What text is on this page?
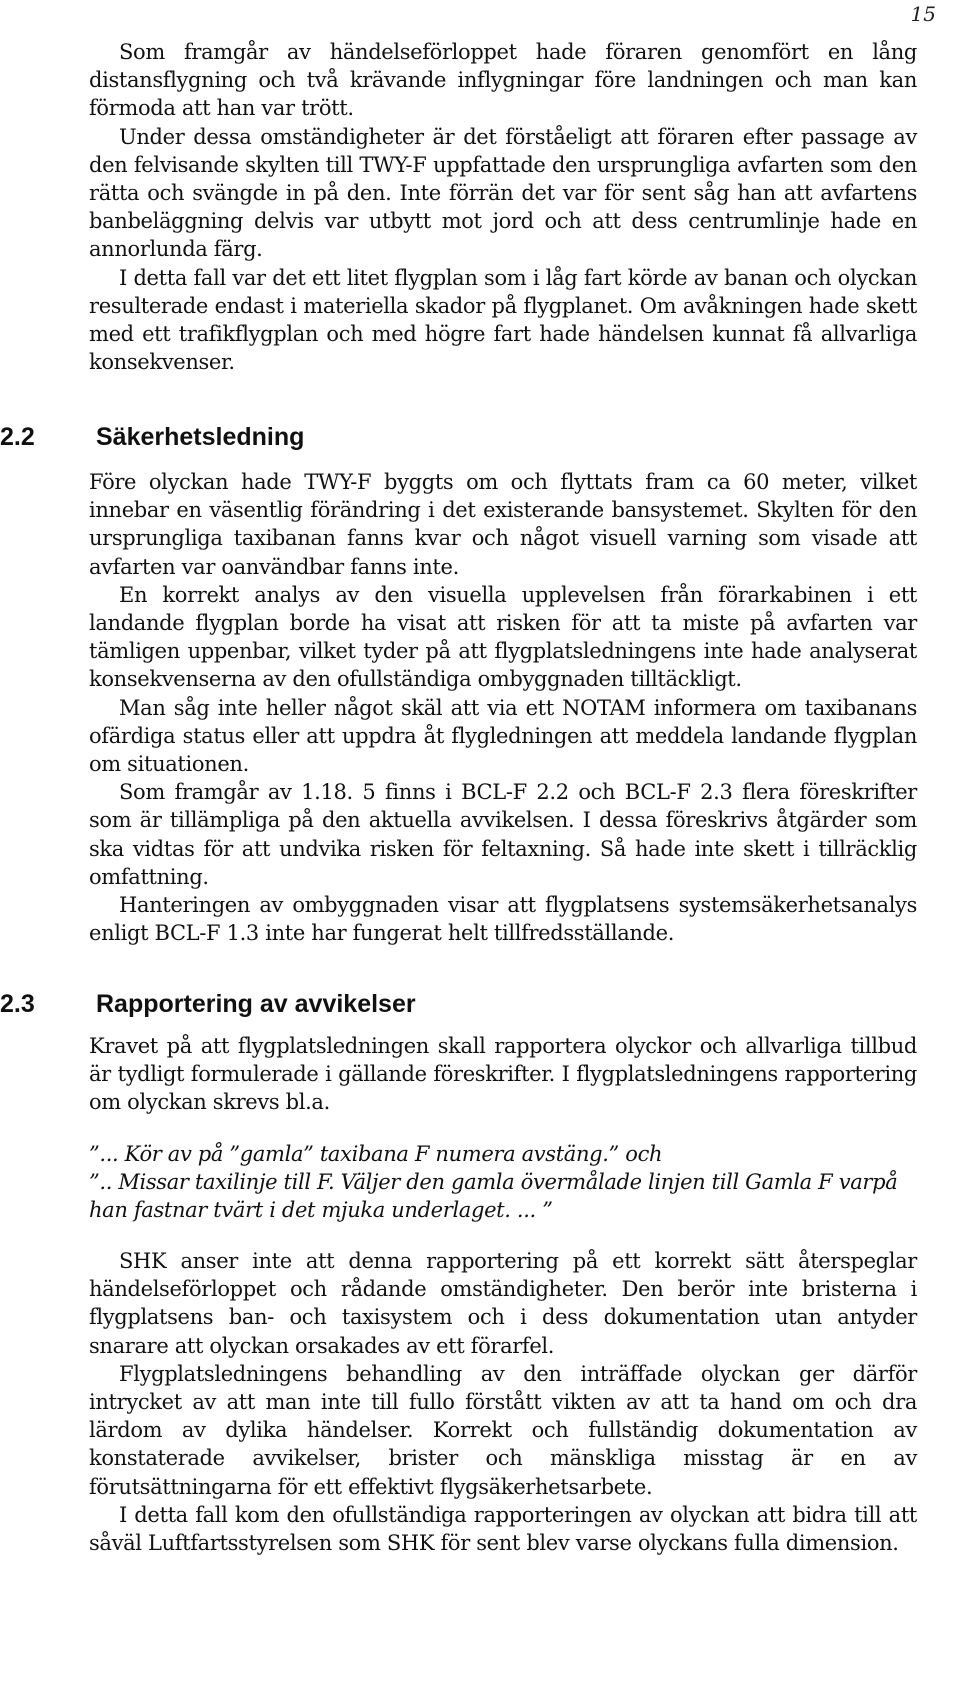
15

Som framgår av händelseförloppet hade föraren genomfört en lång distansflygning och två krävande inflygningar före landningen och man kan förmoda att han var trött.

Under dessa omständigheter är det förståeligt att föraren efter passage av den felvisande skylten till TWY-F uppfattade den ursprungliga avfarten som den rätta och svängde in på den. Inte förrän det var för sent såg han att avfartens banbeläggning delvis var utbytt mot jord och att dess centrumlinje hade en annorlunda färg.

I detta fall var det ett litet flygplan som i låg fart körde av banan och olyckan resulterade endast i materiella skador på flygplanet. Om avåkningen hade skett med ett trafikflygplan och med högre fart hade händelsen kunnat få allvarliga konsekvenser.

2.2 Säkerhetsledning

Före olyckan hade TWY-F byggts om och flyttats fram ca 60 meter, vilket innebar en väsentlig förändring i det existerande bansystemet. Skylten för den ursprungliga taxibanan fanns kvar och något visuell varning som visade att avfarten var oanvändbar fanns inte.

En korrekt analys av den visuella upplevelsen från förarkabinen i ett landande flygplan borde ha visat att risken för att ta miste på avfarten var tämligen uppenbar, vilket tyder på att flygplatsledningens inte hade analyserat konsekvenserna av den ofullständiga ombyggnaden tilltäckligt.

Man såg inte heller något skäl att via ett NOTAM informera om taxibanans ofärdiga status eller att uppdra åt flygledningen att meddela landande flygplan om situationen.

Som framgår av 1.18. 5 finns i BCL-F 2.2 och BCL-F 2.3 flera föreskrifter som är tillämpliga på den aktuella avvikelsen. I dessa föreskrivs åtgärder som ska vidtas för att undvika risken för feltaxning. Så hade inte skett i tillräcklig omfattning.

Hanteringen av ombyggnaden visar att flygplatsens systemsäkerhetsanalys enligt BCL-F 1.3 inte har fungerat helt tillfredsställande.

2.3 Rapportering av avvikelser

Kravet på att flygplatsledningen skall rapportera olyckor och allvarliga tillbud är tydligt formulerade i gällande föreskrifter. I flygplatsledningens rapportering om olyckan skrevs bl.a.

”... Kör av på ”gamla” taxibana F numera avstäng.” och

”.. Missar taxilinje till F. Väljer den gamla övermålade linjen till Gamla F varpå han fastnar tvärt i det mjuka underlaget. ... ”

SHK anser inte att denna rapportering på ett korrekt sätt återspeglar händelseförloppet och rådande omständigheter. Den berör inte bristerna i flygplatsens ban- och taxisystem och i dess dokumentation utan antyder snarare att olyckan orsakades av ett förarfel.

Flygplatsledningens behandling av den inträffade olyckan ger därför intrycket av att man inte till fullo förstått vikten av att ta hand om och dra lärdom av dylika händelser. Korrekt och fullständig dokumentation av konstaterade avvikelser, brister och mänskliga misstag är en av förutsättningarna för ett effektivt flygsäkerhetsarbete.

I detta fall kom den ofullständiga rapporteringen av olyckan att bidra till att såväl Luftfartsstyrelsen som SHK för sent blev varse olyckans fulla dimension.
